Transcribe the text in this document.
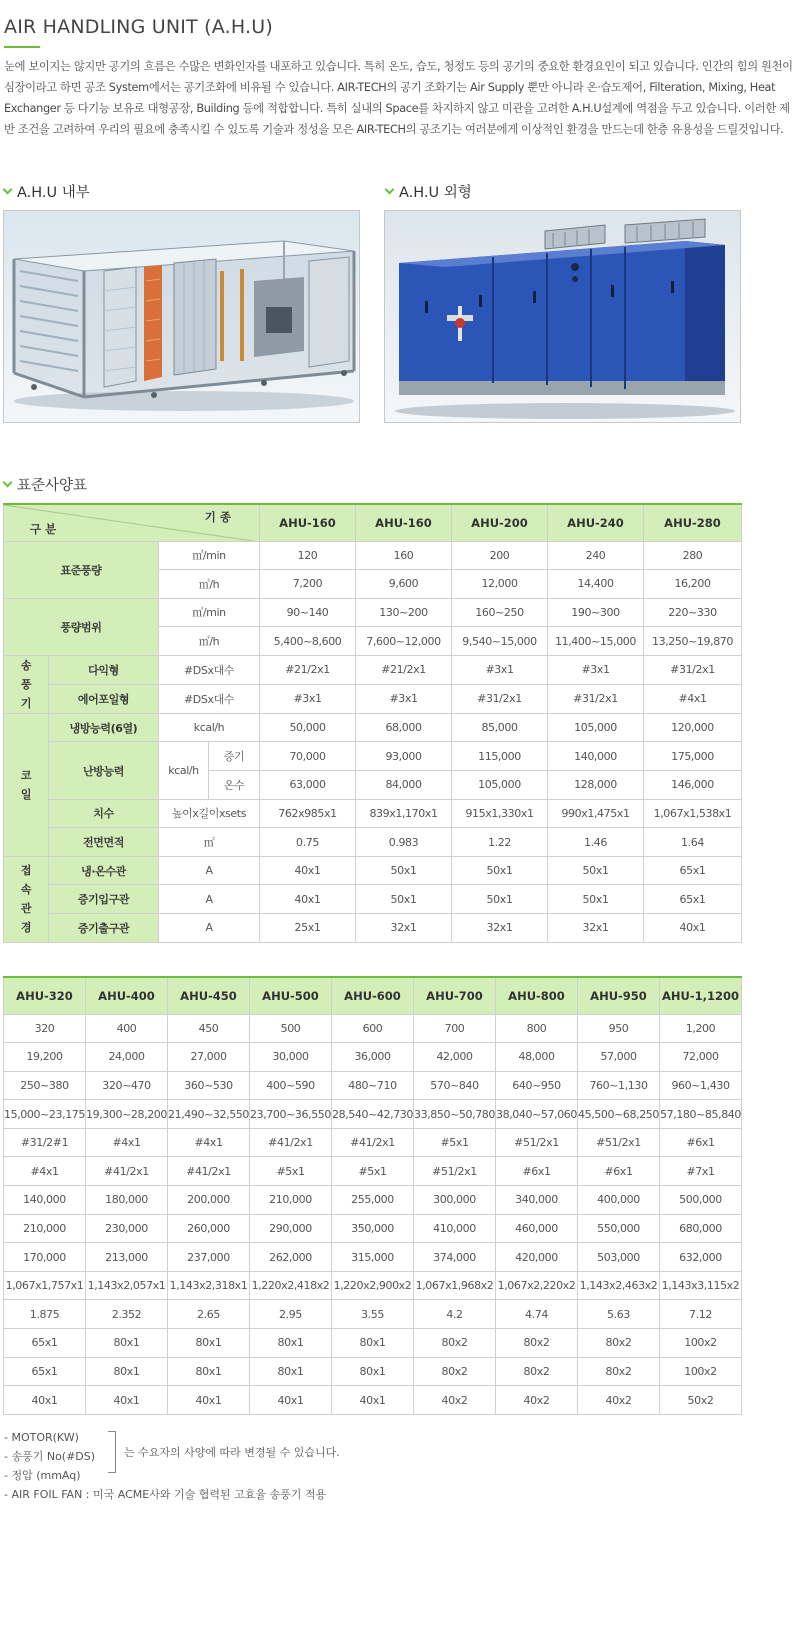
AIR HANDLING UNIT (A.H.U)

눈에 보이지는 않지만 공기의 흐름은 수많은 변화인자를 내포하고 있습니다. 특히 온도, 습도, 청정도 등의 공기의 중요한 환경요인이 되고 있습니다. 인간의 힘의 원천이 심장이라고 하면 공조 System에서는 공기조화에 비유될 수 있습니다. AIR-TECH의 공기 조화기는 Air Supply 뿐만 아니라 온·습도제어, Filteration, Mixing, Heat Exchanger 등 다기능 보유로 대형공장, Building 등에 적합합니다. 특히 실내의 Space를 차지하지 않고 미관을 고려한 A.H.U설계에 역점을 두고 있습니다. 이러한 제반 조건을 고려하여 우리의 필요에 충족시킬 수 있도록 기술과 정성을 모은 AIR-TECH의 공조기는 여러분에게 이상적인 환경을 만드는데 한층 유용성을 드릴것입니다.

A.H.U 내부	A.H.U 외형
표준사양표
기 종
구 분				AHU-160	AHU-160	AHU-200	AHU-240	AHU-280
표준풍량		㎥/min		120	160	200	240	280
		㎥/h		7,200	9,600	12,000	14,400	16,200
풍량범위		㎥/min		90~140	130~200	160~250	190~300	220~330
		㎥/h		5,400~8,600	7,600~12,000	9,540~15,000	11,400~15,000	13,250~19,870
송 풍 기	다익형	#DSx대수		#21/2x1	#21/2x1	#3x1	#3x1	#31/2x1
	에어포일형	#DSx대수		#3x1	#3x1	#31/2x1	#31/2x1	#4x1
코 일	냉방능력(6열)	kcal/h		50,000	68,000	85,000	105,000	120,000
	난방능력	kcal/h	증기	70,000	93,000	115,000	140,000	175,000
			온수	63,000	84,000	105,000	128,000	146,000
	치수	높이x길이xsets		762x985x1	839x1,170x1	915x1,330x1	990x1,475x1	1,067x1,538x1
	전면면적	㎡		0.75	0.983	1.22	1.46	1.64
접 속 관 경	냉·온수관	A		40x1	50x1	50x1	50x1	65x1
	증기입구관	A		40x1	50x1	50x1	50x1	65x1
	증기출구관	A		25x1	32x1	32x1	32x1	40x1
AHU-320	AHU-400	AHU-450	AHU-500	AHU-600	AHU-700	AHU-800	AHU-950	AHU-1,1200
320	400	450	500	600	700	800	950	1,200
19,200	24,000	27,000	30,000	36,000	42,000	48,000	57,000	72,000
250~380	320~470	360~530	400~590	480~710	570~840	640~950	760~1,130	960~1,430
15,000~23,175	19,300~28,200	21,490~32,550	23,700~36,550	28,540~42,730	33,850~50,780	38,040~57,060	45,500~68,250	57,180~85,840
#31/2#1	#4x1	#4x1	#41/2x1	#41/2x1	#5x1	#51/2x1	#51/2x1	#6x1
#4x1	#41/2x1	#41/2x1	#5x1	#5x1	#51/2x1	#6x1	#6x1	#7x1
140,000	180,000	200,000	210,000	255,000	300,000	340,000	400,000	500,000
210,000	230,000	260,000	290,000	350,000	410,000	460,000	550,000	680,000
170,000	213,000	237,000	262,000	315,000	374,000	420,000	503,000	632,000
1,067x1,757x1	1,143x2,057x1	1,143x2,318x1	1,220x2,418x2	1,220x2,900x2	1,067x1,968x2	1,067x2,220x2	1,143x2,463x2	1,143x3,115x2
1.875	2.352	2.65	2.95	3.55	4.2	4.74	5.63	7.12
65x1	80x1	80x1	80x1	80x1	80x2	80x2	80x2	100x2
65x1	80x1	80x1	80x1	80x1	80x2	80x2	80x2	100x2
40x1	40x1	40x1	40x1	40x1	40x2	40x2	40x2	50x2
- MOTOR(KW)
- 송풍기 No(#DS)
- 정압 (mmAq)
- AIR FOIL FAN : 미국 ACME사와 기술 협력된 고효율 송풍기 적용
는 수요자의 사양에 따라 변경될 수 있습니다.
